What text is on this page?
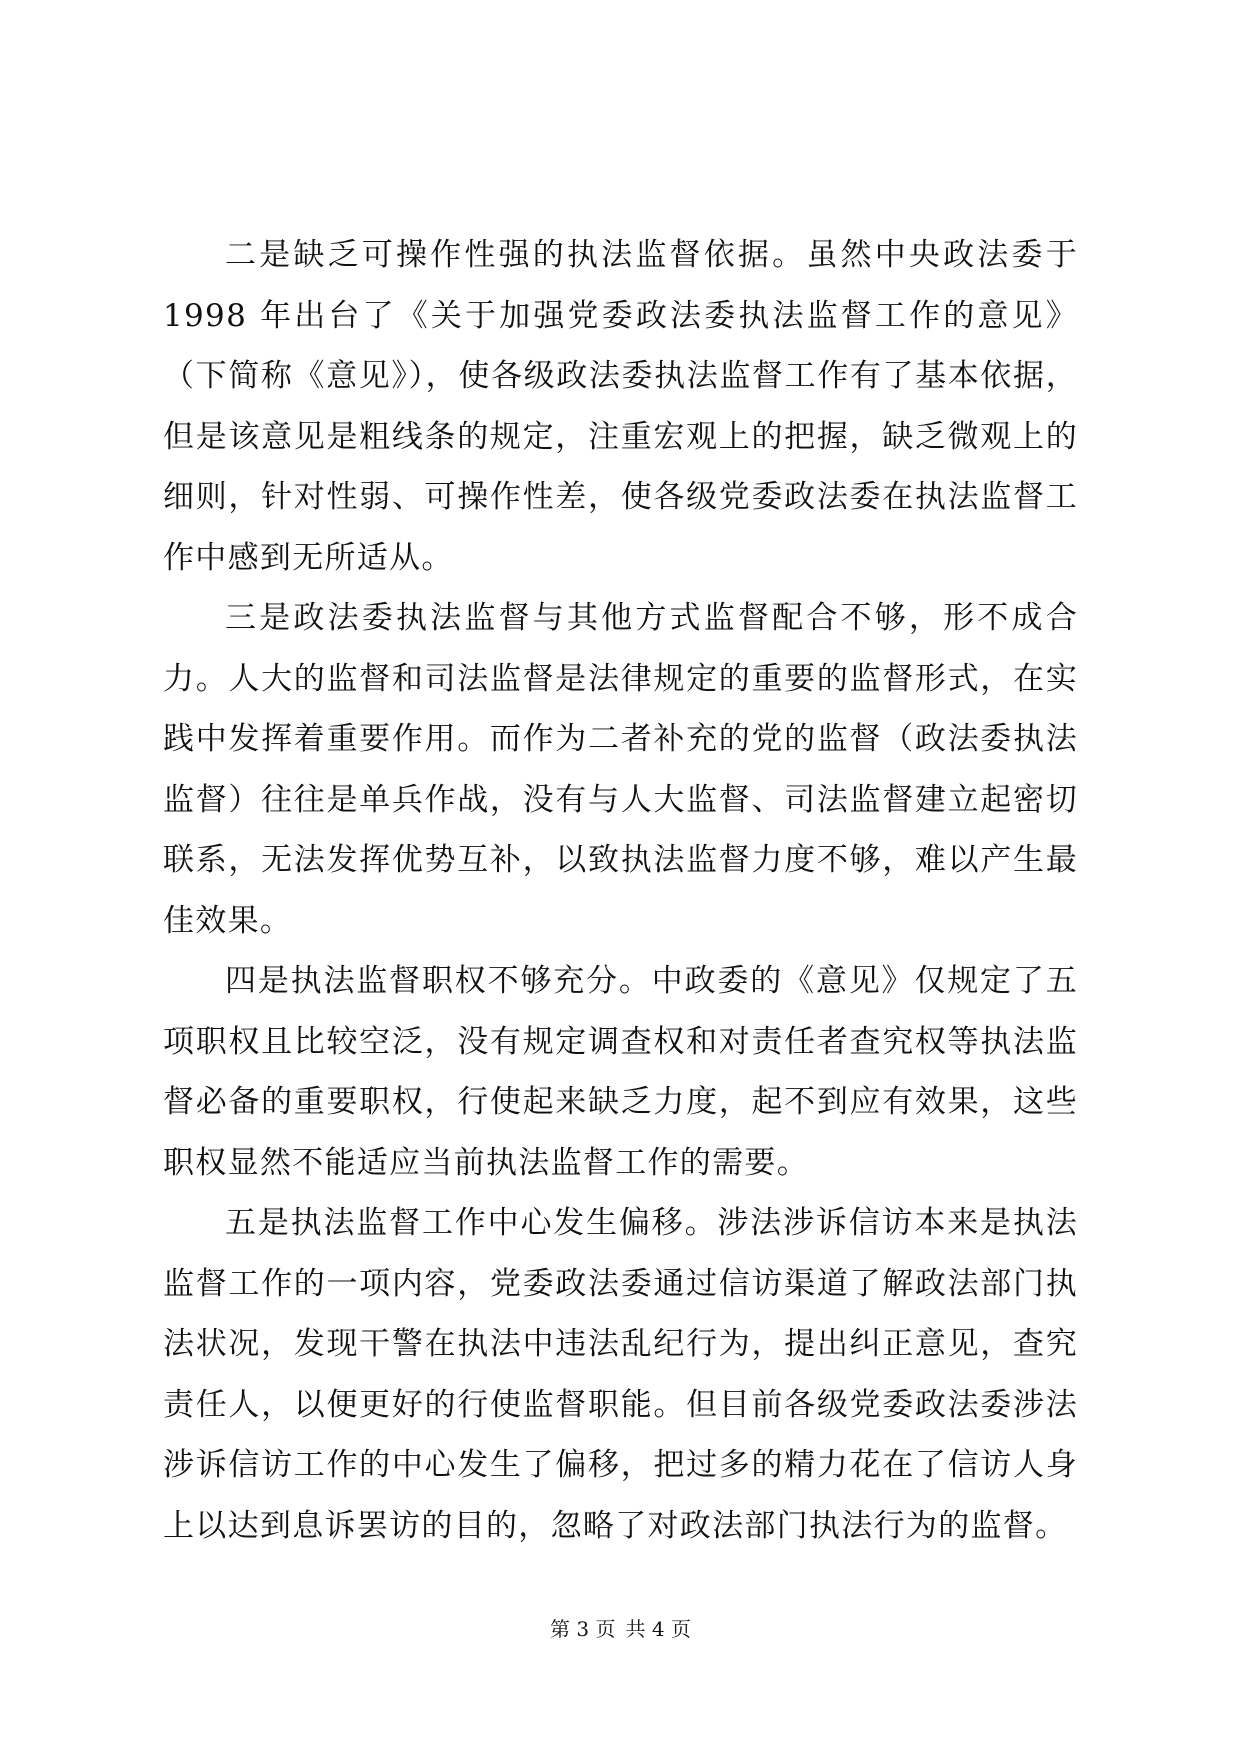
二是缺乏可操作性强的执法监督依据。虽然中央政法委于1998 年出台了《关于加强党委政法委执法监督工作的意见》（下简称《意见》），使各级政法委执法监督工作有了基本依据，但是该意见是粗线条的规定，注重宏观上的把握，缺乏微观上的细则，针对性弱、可操作性差，使各级党委政法委在执法监督工作中感到无所适从。

三是政法委执法监督与其他方式监督配合不够，形不成合力。人大的监督和司法监督是法律规定的重要的监督形式，在实践中发挥着重要作用。而作为二者补充的党的监督（政法委执法监督）往往是单兵作战，没有与人大监督、司法监督建立起密切联系，无法发挥优势互补，以致执法监督力度不够，难以产生最佳效果。

四是执法监督职权不够充分。中政委的《意见》仅规定了五项职权且比较空泛，没有规定调查权和对责任者查究权等执法监督必备的重要职权，行使起来缺乏力度，起不到应有效果，这些职权显然不能适应当前执法监督工作的需要。

五是执法监督工作中心发生偏移。涉法涉诉信访本来是执法监督工作的一项内容，党委政法委通过信访渠道了解政法部门执法状况，发现干警在执法中违法乱纪行为，提出纠正意见，查究责任人，以便更好的行使监督职能。但目前各级党委政法委涉法涉诉信访工作的中心发生了偏移，把过多的精力花在了信访人身上以达到息诉罢访的目的，忽略了对政法部门执法行为的监督。

第 3 页 共 4 页
